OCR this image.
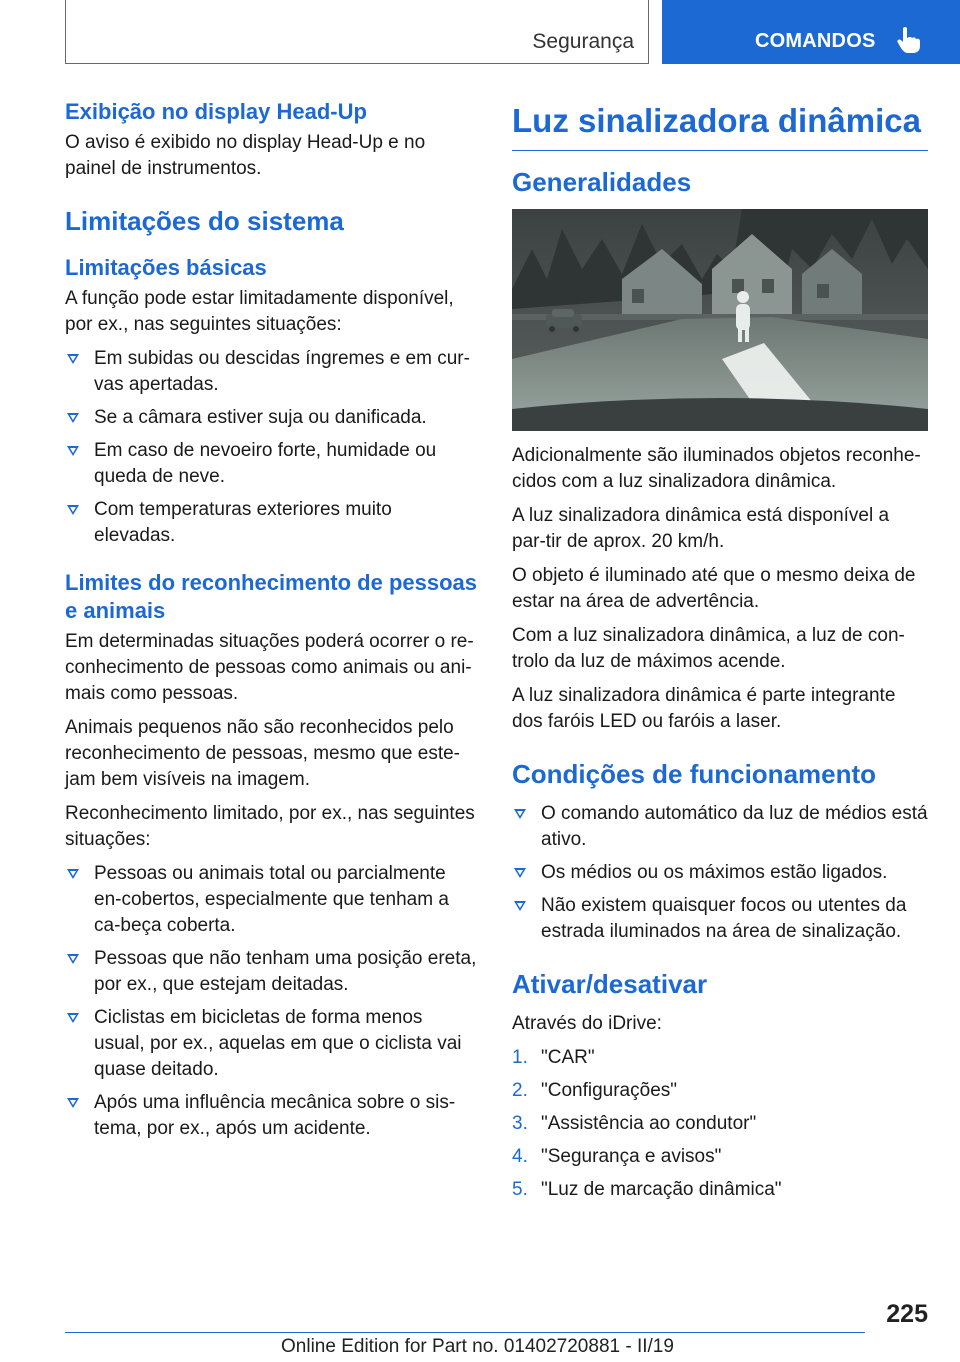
Segurança	COMANDOS
Exibição no display Head-Up

O aviso é exibido no display Head-Up e no painel de instrumentos.

Limitações do sistema
Limitações básicas

A função pode estar limitadamente disponível, por ex., nas seguintes situações:

Em subidas ou descidas íngremes e em cur-vas apertadas.
Se a câmara estiver suja ou danificada.
Em caso de nevoeiro forte, humidade ou queda de neve.
Com temperaturas exteriores muito elevadas.
Limites do reconhecimento de pessoas e animais

Em determinadas situações poderá ocorrer o re-conhecimento de pessoas como animais ou ani-mais como pessoas.

Animais pequenos não são reconhecidos pelo reconhecimento de pessoas, mesmo que este-jam bem visíveis na imagem.

Reconhecimento limitado, por ex., nas seguintes situações:

Pessoas ou animais total ou parcialmente en-cobertos, especialmente que tenham a ca-beça coberta.
Pessoas que não tenham uma posição ereta, por ex., que estejam deitadas.
Ciclistas em bicicletas de forma menos usual, por ex., aquelas em que o ciclista vai quase deitado.
Após uma influência mecânica sobre o sis-tema, por ex., após um acidente.
Luz sinalizadora dinâmica
Generalidades

Adicionalmente são iluminados objetos reconhe-cidos com a luz sinalizadora dinâmica.

A luz sinalizadora dinâmica está disponível a par-tir de aprox. 20 km/h.

O objeto é iluminado até que o mesmo deixa de estar na área de advertência.

Com a luz sinalizadora dinâmica, a luz de con-trolo da luz de máximos acende.

A luz sinalizadora dinâmica é parte integrante dos faróis LED ou faróis a laser.

Condições de funcionamento
O comando automático da luz de médios está ativo.
Os médios ou os máximos estão ligados.
Não existem quaisquer focos ou utentes da estrada iluminados na área de sinalização.
Ativar/desativar

Através do iDrive:

1. "CAR"
2. "Configurações"
3. "Assistência ao condutor"
4. "Segurança e avisos"
5. "Luz de marcação dinâmica"
225
Online Edition for Part no. 01402720881 - II/19
